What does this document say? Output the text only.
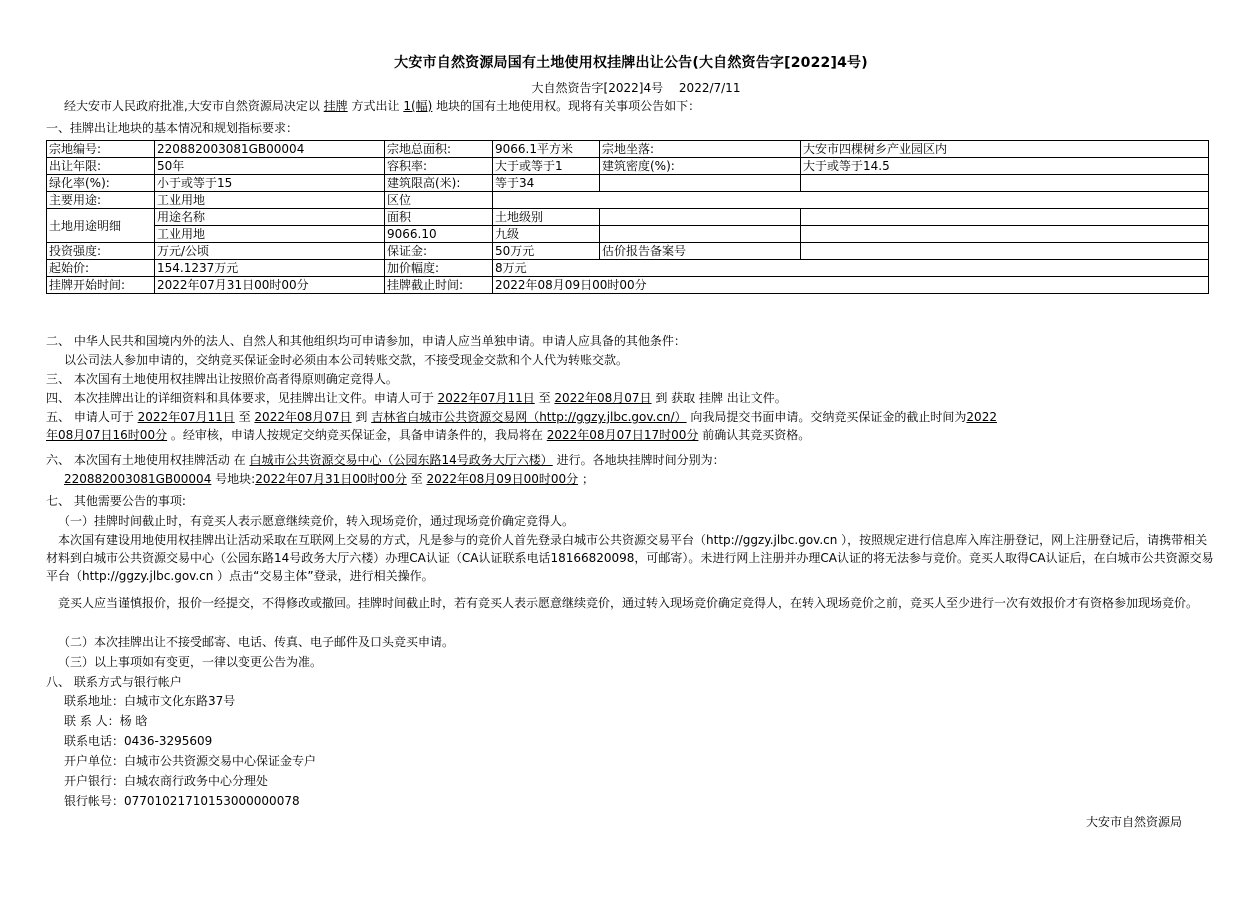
大安市自然资源局国有土地使用权挂牌出让公告(大自然资告字[2022]4号)
大自然资告字[2022]4号 2022/7/11
经大安市人民政府批准,大安市自然资源局决定以 挂牌 方式出让 1(幅) 地块的国有土地使用权。现将有关事项公告如下：
一、挂牌出让地块的基本情况和规划指标要求：
宗地编号:	220882003081GB00004	宗地总面积:	9066.1平方米	宗地坐落:	大安市四棵树乡产业园区内
出让年限:	50年	容积率:	大于或等于1	建筑密度(%):	大于或等于14.5
绿化率(%):	小于或等于15	建筑限高(米):	等于34		
主要用途:	工业用地	区位			
土地用途明细	用途名称	面积	土地级别		
	工业用地	9066.10	九级		
投资强度:	万元/公顷	保证金:	50万元	估价报告备案号	
起始价:	154.1237万元	加价幅度:	8万元		
挂牌开始时间:	2022年07月31日00时00分	挂牌截止时间:	2022年08月09日00时00分		
二、 中华人民共和国境内外的法人、自然人和其他组织均可申请参加，申请人应当单独申请。申请人应具备的其他条件：
以公司法人参加申请的，交纳竞买保证金时必须由本公司转账交款，不接受现金交款和个人代为转账交款。
三、 本次国有土地使用权挂牌出让按照价高者得原则确定竞得人。
四、 本次挂牌出让的详细资料和具体要求，见挂牌出让文件。申请人可于 2022年07月11日 至 2022年08月07日 到 获取 挂牌 出让文件。
五、 申请人可于 2022年07月11日 至 2022年08月07日 到 吉林省白城市公共资源交易网（http://ggzy.jlbc.gov.cn/） 向我局提交书面申请。交纳竞买保证金的截止时间为2022
年08月07日16时00分 。经审核，申请人按规定交纳竞买保证金，具备申请条件的，我局将在 2022年08月07日17时00分 前确认其竞买资格。
六、 本次国有土地使用权挂牌活动 在 白城市公共资源交易中心（公园东路14号政务大厅六楼） 进行。各地块挂牌时间分别为：
220882003081GB00004 号地块:2022年07月31日00时00分 至 2022年08月09日00时00分 ；
七、 其他需要公告的事项:
（一）挂牌时间截止时，有竞买人表示愿意继续竞价，转入现场竞价，通过现场竞价确定竞得人。
本次国有建设用地使用权挂牌出让活动采取在互联网上交易的方式，凡是参与的竞价人首先登录白城市公共资源交易平台（http://ggzy.jlbc.gov.cn ），按照规定进行信息库入库注册登记，网上注册登记后，请携带相关材料到白城市公共资源交易中心（公园东路14号政务大厅六楼）办理CA认证（CA认证联系电话18166820098，可邮寄）。未进行网上注册并办理CA认证的将无法参与竞价。竞买人取得CA认证后，在白城市公共资源交易平台（http://ggzy.jlbc.gov.cn ）点击“交易主体”登录，进行相关操作。
竞买人应当谨慎报价，报价一经提交，不得修改或撤回。挂牌时间截止时，若有竞买人表示愿意继续竞价，通过转入现场竞价确定竞得人，在转入现场竞价之前，竞买人至少进行一次有效报价才有资格参加现场竞价。
（二）本次挂牌出让不接受邮寄、电话、传真、电子邮件及口头竞买申请。
（三）以上事项如有变更，一律以变更公告为准。
八、 联系方式与银行帐户
联系地址：白城市文化东路37号
联 系 人：杨 晗
联系电话：0436-3295609
开户单位：白城市公共资源交易中心保证金专户
开户银行：白城农商行政务中心分理处
银行帐号：07701021710153000000078
大安市自然资源局
